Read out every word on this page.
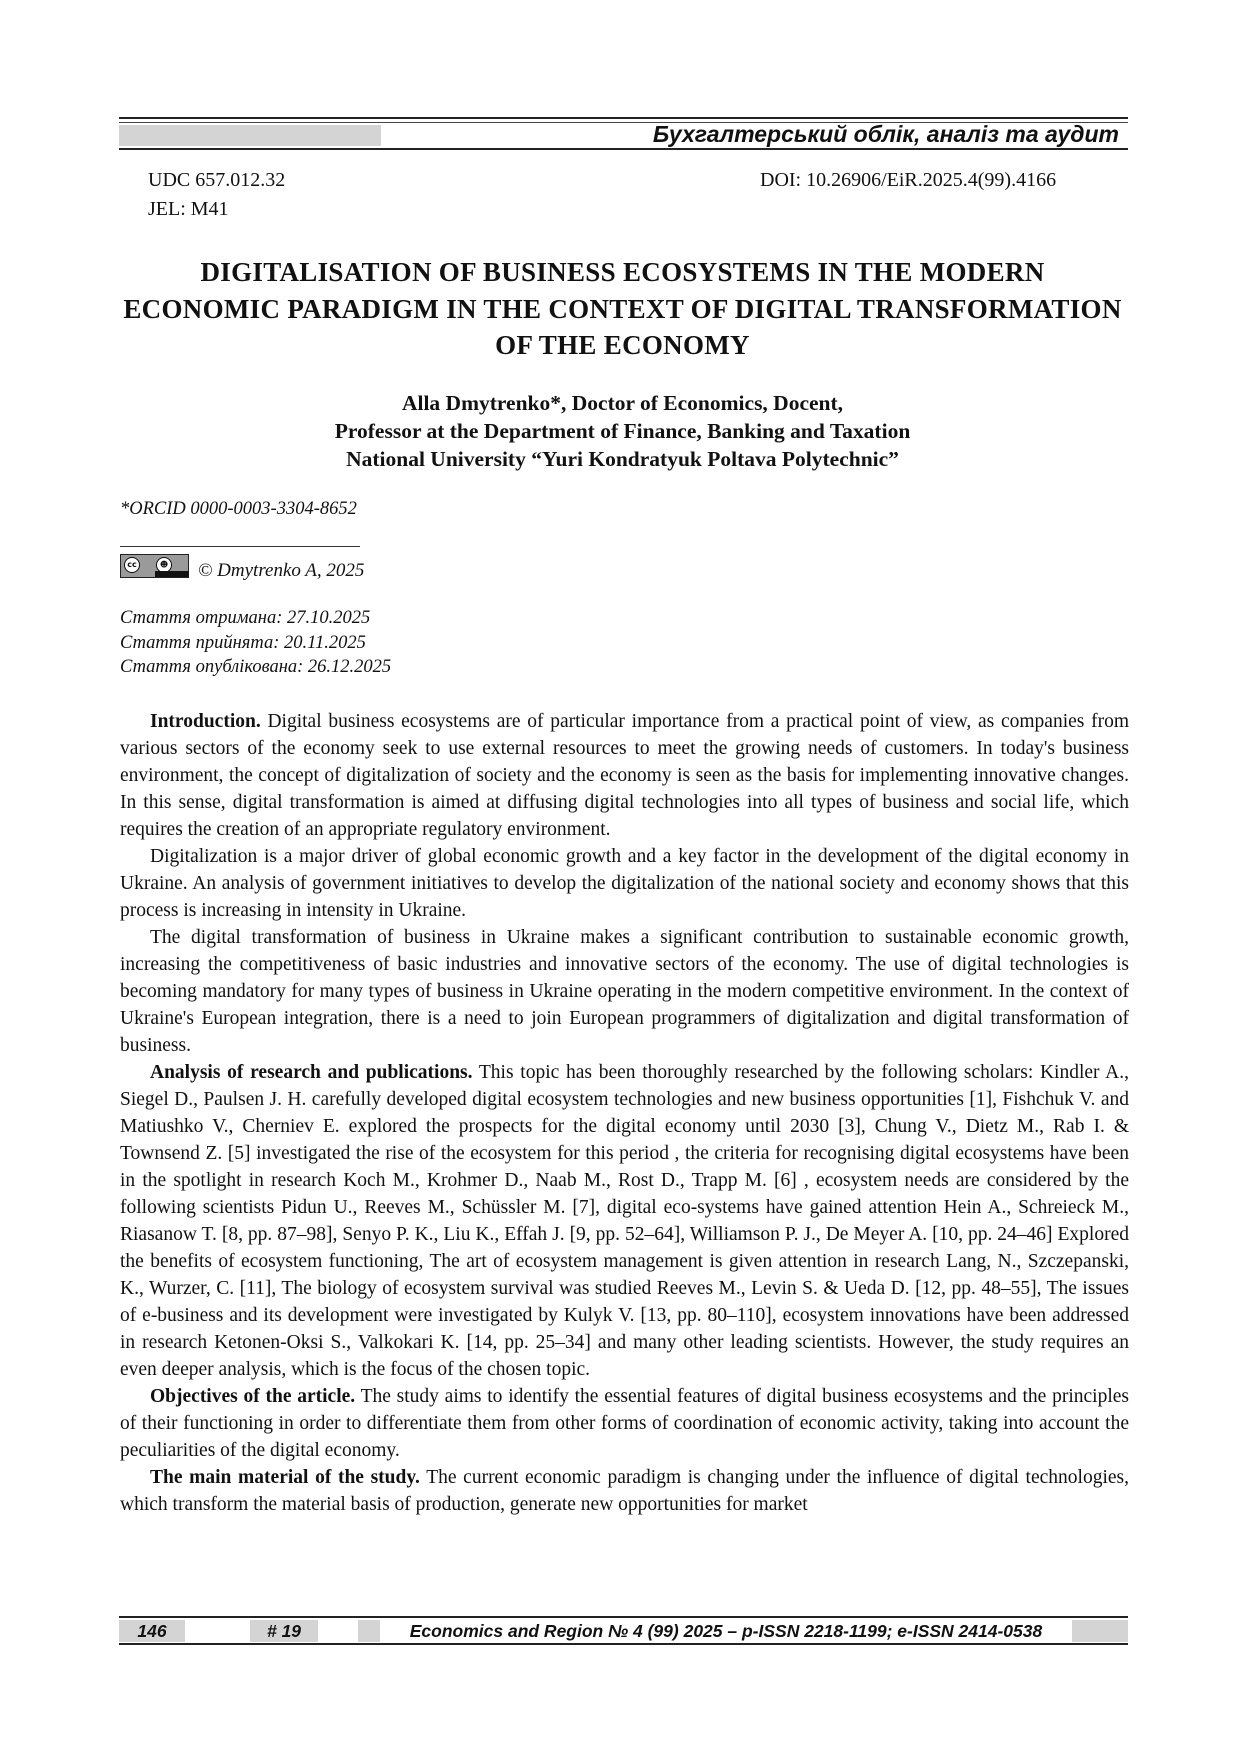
Бухгалтерський облік, аналіз та аудит
UDC 657.012.32
JEL: M41
DOI: 10.26906/EiR.2025.4(99).4166
DIGITALISATION OF BUSINESS ECOSYSTEMS IN THE MODERN ECONOMIC PARADIGM IN THE CONTEXT OF DIGITAL TRANSFORMATION OF THE ECONOMY
Alla Dmytrenko*, Doctor of Economics, Docent,
Professor at the Department of Finance, Banking and Taxation
National University “Yuri Kondratyuk Poltava Polytechnic”
*ORCID 0000-0003-3304-8652
cc	☻ © Dmytrenko A, 2025
Стаття отримана: 27.10.2025
Стаття прийнята: 20.11.2025
Стаття опублікована: 26.12.2025

Introduction. Digital business ecosystems are of particular importance from a practical point of view, as companies from various sectors of the economy seek to use external resources to meet the growing needs of customers. In today's business environment, the concept of digitalization of society and the economy is seen as the basis for implementing innovative changes. In this sense, digital transformation is aimed at diffusing digital technologies into all types of business and social life, which requires the creation of an appropriate regulatory environment.

Digitalization is a major driver of global economic growth and a key factor in the development of the digital economy in Ukraine. An analysis of government initiatives to develop the digitalization of the national society and economy shows that this process is increasing in intensity in Ukraine.

The digital transformation of business in Ukraine makes a significant contribution to sustainable economic growth, increasing the competitiveness of basic industries and innovative sectors of the economy. The use of digital technologies is becoming mandatory for many types of business in Ukraine operating in the modern competitive environment. In the context of Ukraine's European integration, there is a need to join European programmers of digitalization and digital transformation of business.

Analysis of research and publications. This topic has been thoroughly researched by the following scholars: Kindler A., Siegel D., Paulsen J. H. carefully developed digital ecosystem technologies and new business opportunities [1], Fishchuk V. and Matiushko V., Cherniev E. explored the prospects for the digital economy until 2030 [3], Chung V., Dietz M., Rab I. & Townsend Z. [5] investigated the rise of the ecosystem for this period , the criteria for recognising digital ecosystems have been in the spotlight in research Koch M., Krohmer D., Naab M., Rost D., Trapp M. [6] , ecosystem needs are considered by the following scientists Pidun U., Reeves M., Schüssler M. [7], digital eco-systems have gained attention Hein A., Schreieck M., Riasanow T. [8, pp. 87–98], Senyo P. K., Liu K., Effah J. [9, pp. 52–64], Williamson P. J., De Meyer A. [10, pp. 24–46] Explored the benefits of ecosystem functioning, The art of ecosystem management is given attention in research Lang, N., Szczepanski, K., Wurzer, C. [11], The biology of ecosystem survival was studied Reeves M., Levin S. & Ueda D. [12, pp. 48–55], The issues of e-business and its development were investigated by Kulyk V. [13, pp. 80–110], ecosystem innovations have been addressed in research Ketonen-Oksi S., Valkokari K. [14, pp. 25–34] and many other leading scientists. However, the study requires an even deeper analysis, which is the focus of the chosen topic.

Objectives of the article. The study aims to identify the essential features of digital business ecosystems and the principles of their functioning in order to differentiate them from other forms of coordination of economic activity, taking into account the peculiarities of the digital economy.

The main material of the study. The current economic paradigm is changing under the influence of digital technologies, which transform the material basis of production, generate new opportunities for market

146	# 19	Economics and Region № 4 (99) 2025 – p-ISSN 2218-1199; e-ISSN 2414-0538
